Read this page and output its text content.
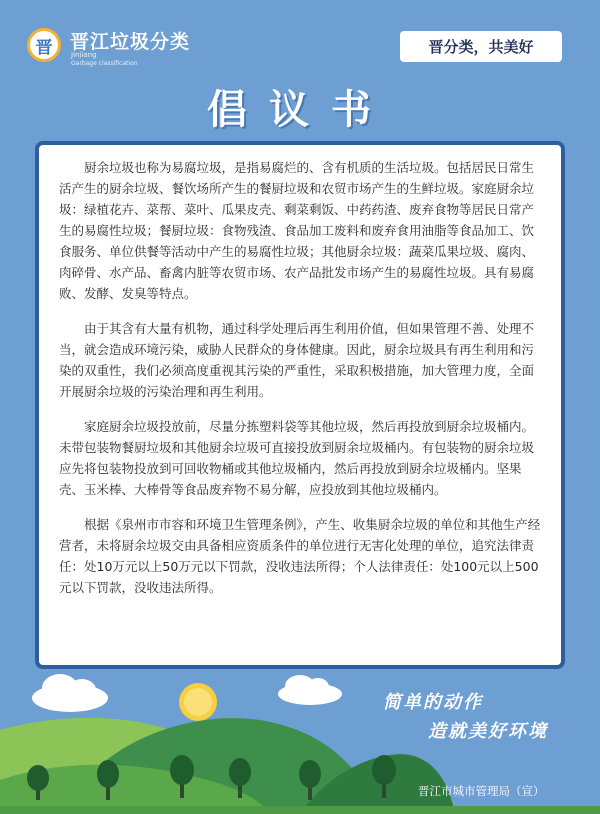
晋 晋江垃圾分类
Jinjiang
Garbage classification
晋分类，共美好
倡议书

厨余垃圾也称为易腐垃圾，是指易腐烂的、含有机质的生活垃圾。包括居民日常生活产生的厨余垃圾、餐饮场所产生的餐厨垃圾和农贸市场产生的生鲜垃圾。家庭厨余垃圾：绿植花卉、菜帮、菜叶、瓜果皮壳、剩菜剩饭、中药药渣、废弃食物等居民日常产生的易腐性垃圾；餐厨垃圾：食物残渣、食品加工废料和废弃食用油脂等食品加工、饮食服务、单位供餐等活动中产生的易腐性垃圾；其他厨余垃圾：蔬菜瓜果垃圾、腐肉、肉碎骨、水产品、畜禽内脏等农贸市场、农产品批发市场产生的易腐性垃圾。具有易腐败、发酵、发臭等特点。

由于其含有大量有机物，通过科学处理后再生利用价值，但如果管理不善、处理不当，就会造成环境污染，威胁人民群众的身体健康。因此，厨余垃圾具有再生利用和污染的双重性，我们必须高度重视其污染的严重性，采取积极措施，加大管理力度，全面开展厨余垃圾的污染治理和再生利用。

家庭厨余垃圾投放前，尽量分拣塑料袋等其他垃圾，然后再投放到厨余垃圾桶内。未带包装物餐厨垃圾和其他厨余垃圾可直接投放到厨余垃圾桶内。有包装物的厨余垃圾应先将包装物投放到可回收物桶或其他垃圾桶内，然后再投放到厨余垃圾桶内。坚果壳、玉米棒、大棒骨等食品废弃物不易分解，应投放到其他垃圾桶内。

根据《泉州市市容和环境卫生管理条例》，产生、收集厨余垃圾的单位和其他生产经营者，未将厨余垃圾交由具备相应资质条件的单位进行无害化处理的单位，追究法律责任：处10万元以上50万元以下罚款，没收违法所得；个人法律责任：处100元以上500元以下罚款，没收违法所得。

简单的动作
造就美好环境
晋江市城市管理局（宣）
